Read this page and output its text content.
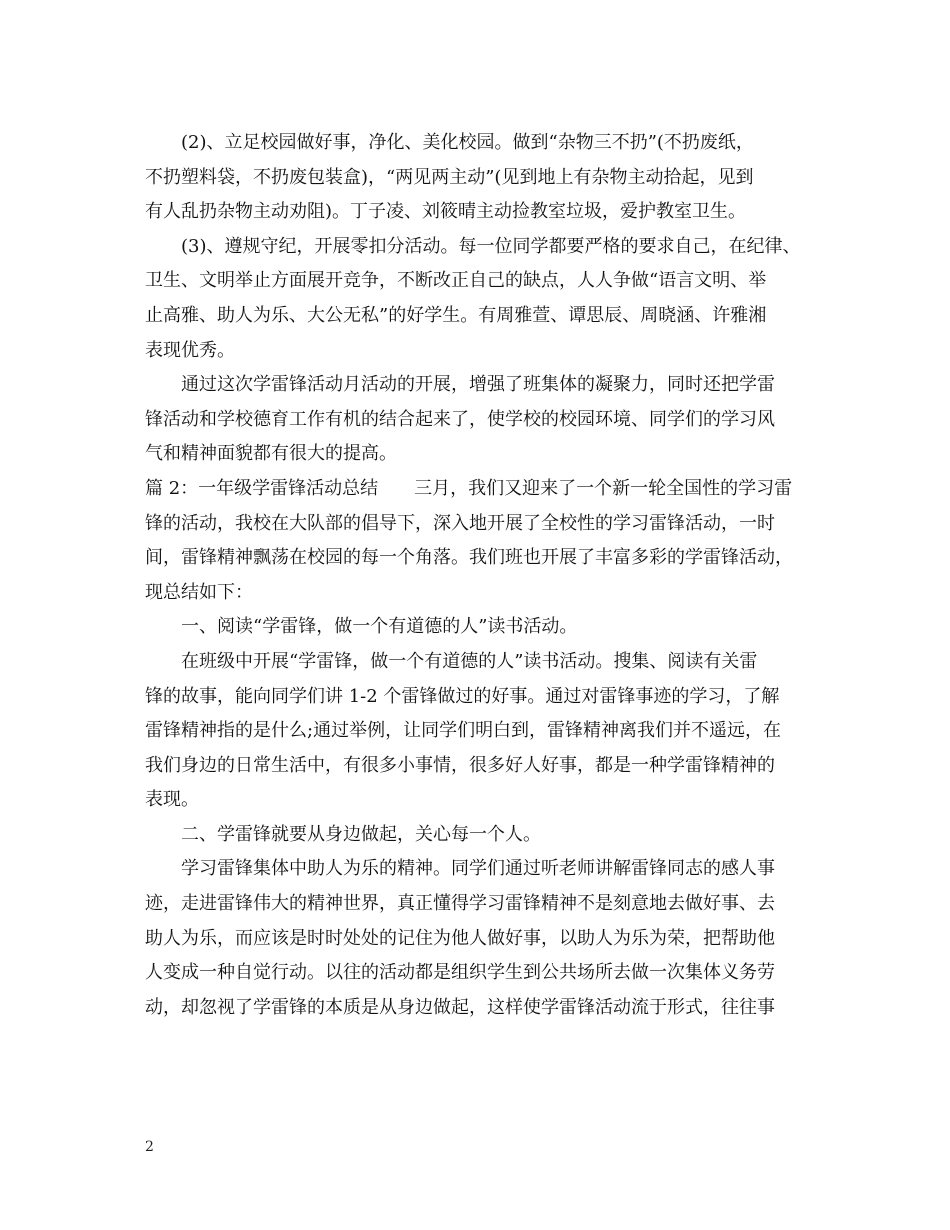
(2)、立足校园做好事，净化、美化校园。做到“杂物三不扔”(不扔废纸，
不扔塑料袋，不扔废包装盒)，“两见两主动”(见到地上有杂物主动拾起，见到
有人乱扔杂物主动劝阻)。丁子凌、刘筱晴主动捡教室垃圾，爱护教室卫生。
(3)、遵规守纪，开展零扣分活动。每一位同学都要严格的要求自己，在纪律、
卫生、文明举止方面展开竞争，不断改正自己的缺点，人人争做“语言文明、举
止高雅、助人为乐、大公无私”的好学生。有周雅萱、谭思辰、周晓涵、许雅湘
表现优秀。
通过这次学雷锋活动月活动的开展，增强了班集体的凝聚力，同时还把学雷
锋活动和学校德育工作有机的结合起来了，使学校的校园环境、同学们的学习风
气和精神面貌都有很大的提高。
篇 2：一年级学雷锋活动总结　　三月，我们又迎来了一个新一轮全国性的学习雷
锋的活动，我校在大队部的倡导下，深入地开展了全校性的学习雷锋活动，一时
间，雷锋精神飘荡在校园的每一个角落。我们班也开展了丰富多彩的学雷锋活动，
现总结如下：
一、阅读“学雷锋，做一个有道德的人”读书活动。
在班级中开展“学雷锋，做一个有道德的人”读书活动。搜集、阅读有关雷
锋的故事，能向同学们讲 1-2 个雷锋做过的好事。通过对雷锋事迹的学习，了解
雷锋精神指的是什么;通过举例，让同学们明白到，雷锋精神离我们并不遥远，在
我们身边的日常生活中，有很多小事情，很多好人好事，都是一种学雷锋精神的
表现。
二、学雷锋就要从身边做起，关心每一个人。
学习雷锋集体中助人为乐的精神。同学们通过听老师讲解雷锋同志的感人事
迹，走进雷锋伟大的精神世界，真正懂得学习雷锋精神不是刻意地去做好事、去
助人为乐，而应该是时时处处的记住为他人做好事，以助人为乐为荣，把帮助他
人变成一种自觉行动。以往的活动都是组织学生到公共场所去做一次集体义务劳
动，却忽视了学雷锋的本质是从身边做起，这样使学雷锋活动流于形式，往往事
2
